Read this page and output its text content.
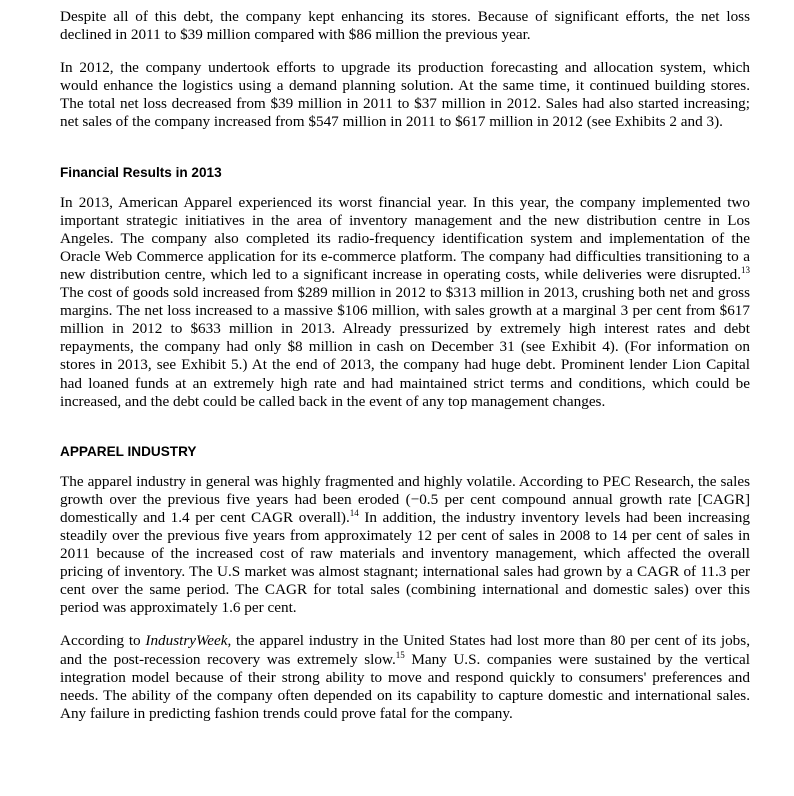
Despite all of this debt, the company kept enhancing its stores. Because of significant efforts, the net loss declined in 2011 to $39 million compared with $86 million the previous year.

In 2012, the company undertook efforts to upgrade its production forecasting and allocation system, which would enhance the logistics using a demand planning solution. At the same time, it continued building stores. The total net loss decreased from $39 million in 2011 to $37 million in 2012. Sales had also started increasing; net sales of the company increased from $547 million in 2011 to $617 million in 2012 (see Exhibits 2 and 3).

Financial Results in 2013

In 2013, American Apparel experienced its worst financial year. In this year, the company implemented two important strategic initiatives in the area of inventory management and the new distribution centre in Los Angeles. The company also completed its radio-frequency identification system and implementation of the Oracle Web Commerce application for its e-commerce platform. The company had difficulties transitioning to a new distribution centre, which led to a significant increase in operating costs, while deliveries were disrupted.$^{13}$ The cost of goods sold increased from $289 million in 2012 to $313 million in 2013, crushing both net and gross margins. The net loss increased to a massive $106 million, with sales growth at a marginal 3 per cent from $617 million in 2012 to $633 million in 2013. Already pressurized by extremely high interest rates and debt repayments, the company had only $8 million in cash on December 31 (see Exhibit 4). (For information on stores in 2013, see Exhibit 5.) At the end of 2013, the company had huge debt. Prominent lender Lion Capital had loaned funds at an extremely high rate and had maintained strict terms and conditions, which could be increased, and the debt could be called back in the event of any top management changes.

APPAREL INDUSTRY

The apparel industry in general was highly fragmented and highly volatile. According to PEC Research, the sales growth over the previous five years had been eroded (−0.5 per cent compound annual growth rate [CAGR] domestically and 1.4 per cent CAGR overall).$^{14}$ In addition, the industry inventory levels had been increasing steadily over the previous five years from approximately 12 per cent of sales in 2008 to 14 per cent of sales in 2011 because of the increased cost of raw materials and inventory management, which affected the overall pricing of inventory. The U.S market was almost stagnant; international sales had grown by a CAGR of 11.3 per cent over the same period. The CAGR for total sales (combining international and domestic sales) over this period was approximately 1.6 per cent.

According to IndustryWeek, the apparel industry in the United States had lost more than 80 per cent of its jobs, and the post-recession recovery was extremely slow.$^{15}$ Many U.S. companies were sustained by the vertical integration model because of their strong ability to move and respond quickly to consumers' preferences and needs. The ability of the company often depended on its capability to capture domestic and international sales. Any failure in predicting fashion trends could prove fatal for the company.
